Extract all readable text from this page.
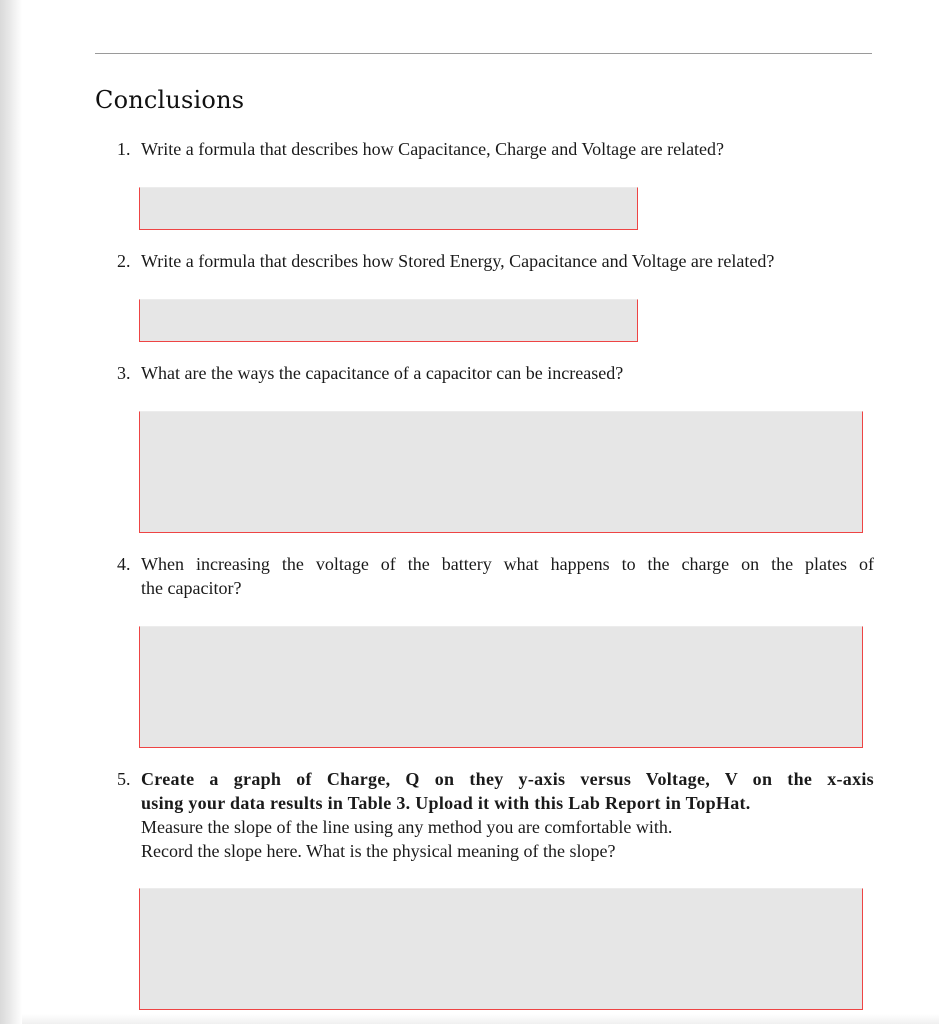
Conclusions
1. Write a formula that describes how Capacitance, Charge and Voltage are related?
2. Write a formula that describes how Stored Energy, Capacitance and Voltage are related?
3. What are the ways the capacitance of a capacitor can be increased?
4. When increasing the voltage of the battery what happens to the charge on the plates of
the capacitor?
5. Create a graph of Charge, Q on they y-axis versus Voltage, V on the x-axis
using your data results in Table 3. Upload it with this Lab Report in TopHat.
Measure the slope of the line using any method you are comfortable with.
Record the slope here. What is the physical meaning of the slope?
